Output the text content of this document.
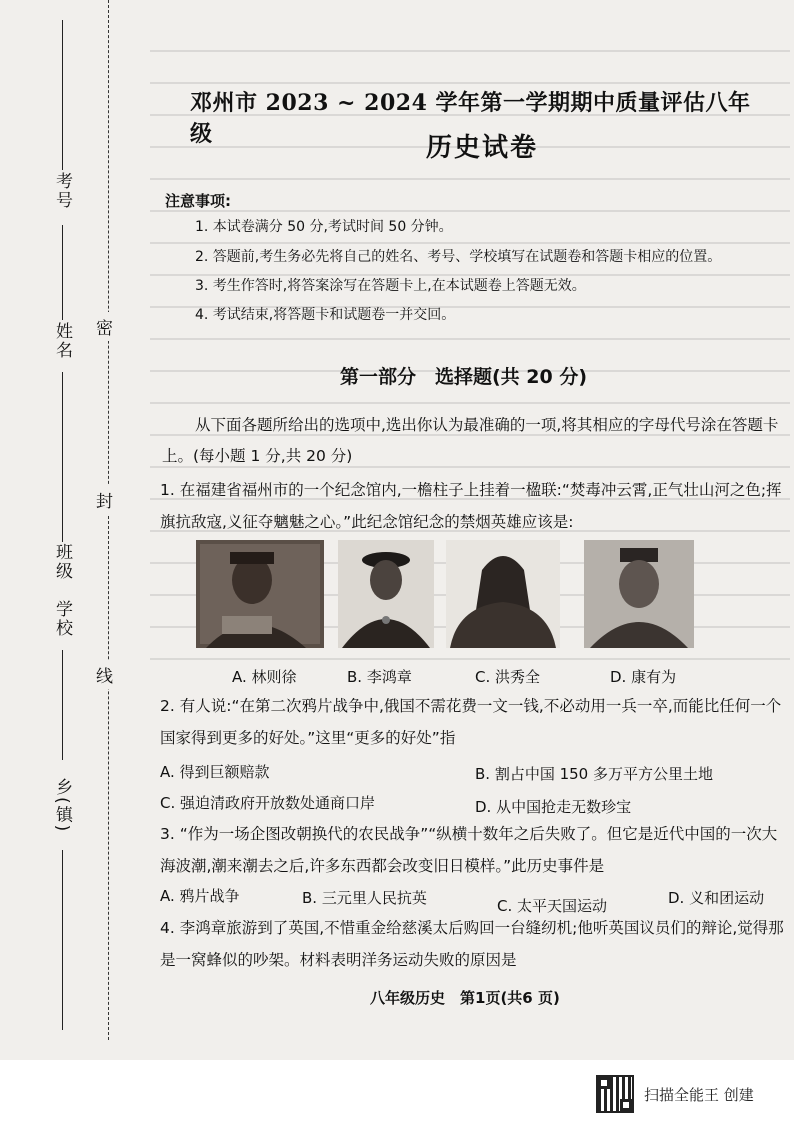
考号
姓名
班级
学校
乡(镇)
密
封
线
邓州市 2023 ~ 2024 学年第一学期期中质量评估八年级	历史试卷
注意事项:
1. 本试卷满分 50 分,考试时间 50 分钟。
2. 答题前,考生务必先将自己的姓名、考号、学校填写在试题卷和答题卡相应的位置。
3. 考生作答时,将答案涂写在答题卡上,在本试题卷上答题无效。
4. 考试结束,将答题卡和试题卷一并交回。
第一部分　选择题(共 20 分)
从下面各题所给出的选项中,选出你认为最准确的一项,将其相应的字母代号涂在答题卡上。(每小题 1 分,共 20 分)
1. 在福建省福州市的一个纪念馆内,一檐柱子上挂着一楹联:“焚毒冲云霄,正气壮山河之色;挥旗抗敌寇,义征夺魑魅之心。”此纪念馆纪念的禁烟英雄应该是:
A. 林则徐	B. 李鸿章	C. 洪秀全	D. 康有为
2. 有人说:“在第二次鸦片战争中,俄国不需花费一文一钱,不必动用一兵一卒,而能比任何一个国家得到更多的好处。”这里“更多的好处”指
A. 得到巨额赔款	B. 割占中国 150 多万平方公里土地
C. 强迫清政府开放数处通商口岸	D. 从中国抢走无数珍宝
3. “作为一场企图改朝换代的农民战争”“纵横十数年之后失败了。但它是近代中国的一次大海波潮,潮来潮去之后,许多东西都会改变旧日模样。”此历史事件是
A. 鸦片战争	B. 三元里人民抗英	C. 太平天国运动	D. 义和团运动
4. 李鸿章旅游到了英国,不惜重金给慈溪太后购回一台缝纫机;他听英国议员们的辩论,觉得那是一窝蜂似的吵架。材料表明洋务运动失败的原因是
八年级历史　第1页(共6 页)
扫描全能王 创建
